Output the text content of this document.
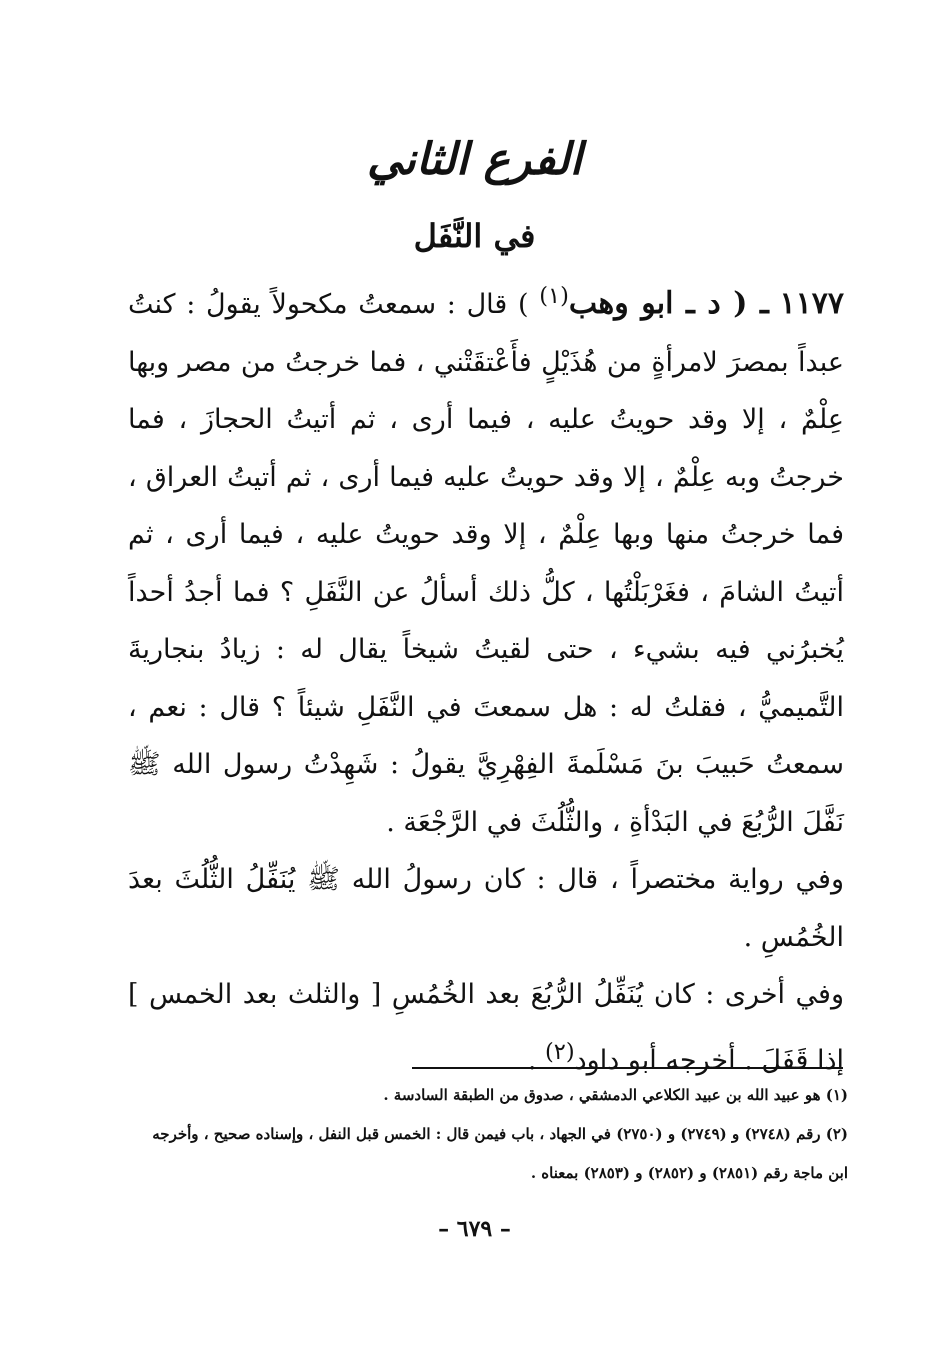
الفرع الثاني
في النَّفَل

١١٧٧ ـ ( د ـ ابو وهب$^{(١)}$ ) قال : سمعتُ مكحولاً يقولُ : كنتُ عبداً بمصرَ لامرأةٍ من هُذَيْلٍ فأَعْتقَتْني ، فما خرجتُ من مصر وبها عِلْمٌ ، إلا وقد حويتُ عليه ، فيما أرى ، ثم أتيتُ الحجازَ ، فما خرجتُ وبه عِلْمٌ ، إلا وقد حويتُ عليه فيما أرى ، ثم أتيتُ العراق ، فما خرجتُ منها وبها عِلْمٌ ، إلا وقد حويتُ عليه ، فيما أرى ، ثم أتيتُ الشامَ ، فغَرْبَلْتُها ، كلُّ ذلك أسألُ عن النَّفَلِ ؟ فما أجدُ أحداً يُخبرُني فيه بشيء ، حتى لقيتُ شيخاً يقال له : زيادُ بنجاريةَ التَّميميُّ ، فقلتُ له : هل سمعتَ في النَّفَلِ شيئاً ؟ قال : نعم ، سمعتُ حَبيبَ بنَ مَسْلَمةَ الفِهْرِيَّ يقولُ : شَهِدْتُ رسول الله ﷺ نَفَّلَ الرُّبُعَ في البَدْأةِ ، والثُّلُثَ في الرَّجْعَة .

وفي رواية مختصراً ، قال : كان رسولُ الله ﷺ يُنَفِّلُ الثُّلُثَ بعدَ الخُمُسِ .

وفي أخرى : كان يُنَفِّلُ الرُّبُعَ بعد الخُمُسِ [ والثلث بعد الخمس ] إذا قَفَلَ . أخرجه أبو داود$^{(٢)}$ .

(١) هو عبيد الله بن عبيد الكلاعي الدمشقي ، صدوق من الطبقة السادسة .

(٢) رقم (٢٧٤٨) و (٢٧٤٩) و (٢٧٥٠) في الجهاد ، باب فيمن قال : الخمس قبل النفل ، وإسناده صحيح ، وأخرجه ابن ماجة رقم (٢٨٥١) و (٢٨٥٢) و (٢٨٥٣) بمعناه .

– ٦٧٩ –
